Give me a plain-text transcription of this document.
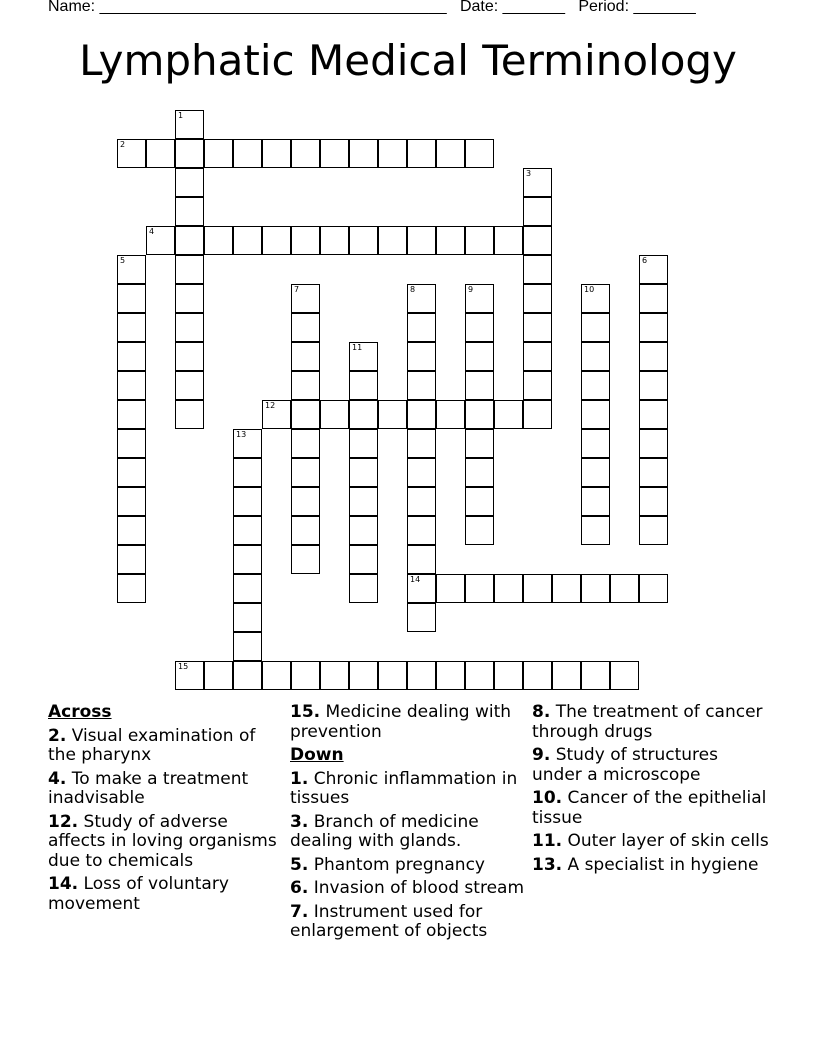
Name: _______________________________________ Date: _______ Period: _______
Lymphatic Medical Terminology
1
2
3
4
5	6
7	8
14
9	10
11
12
13
15
Across
2. Visual examination of the pharynx
4. To make a treatment inadvisable
12. Study of adverse affects in loving organisms due to chemicals
14. Loss of voluntary movement
15. Medicine dealing with prevention
Down
1. Chronic inflammation in tissues
3. Branch of medicine dealing with glands.
5. Phantom pregnancy
6. Invasion of blood stream
7. Instrument used for enlargement of objects
8. The treatment of cancer through drugs
9. Study of structures under a microscope
10. Cancer of the epithelial tissue
11. Outer layer of skin cells
13. A specialist in hygiene
